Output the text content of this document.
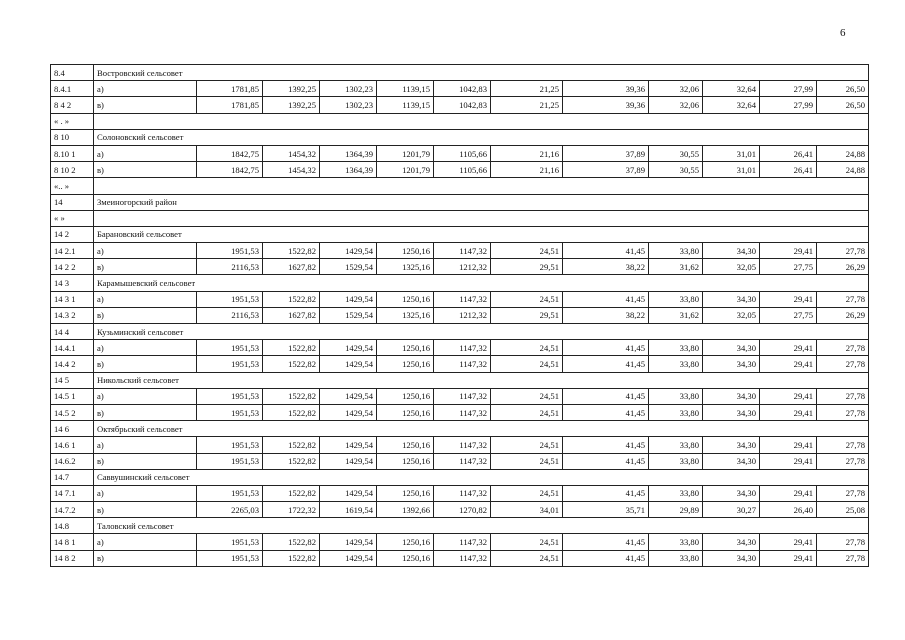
6
8.4	Востровский сельсовет											
8.4.1	а)	1781,85	1392,25	1302,23	1139,15	1042,83	21,25	39,36	32,06	32,64	27,99	26,50
8 4 2	в)	1781,85	1392,25	1302,23	1139,15	1042,83	21,25	39,36	32,06	32,64	27,99	26,50
« . »												
8 10	Солоновский сельсовет											
8.10 1	а)	1842,75	1454,32	1364,39	1201,79	1105,66	21,16	37,89	30,55	31,01	26,41	24,88
8 10 2	в)	1842,75	1454,32	1364,39	1201,79	1105,66	21,16	37,89	30,55	31,01	26,41	24,88
«.. »												
14	Змеиногорский район											
« »												
14 2	Барановский сельсовет											
14 2.1	а)	1951,53	1522,82	1429,54	1250,16	1147,32	24,51	41,45	33,80	34,30	29,41	27,78
14 2 2	в)	2116,53	1627,82	1529,54	1325,16	1212,32	29,51	38,22	31,62	32,05	27,75	26,29
14 3	Карамышевский сельсовет											
14 3 1	а)	1951,53	1522,82	1429,54	1250,16	1147,32	24,51	41,45	33,80	34,30	29,41	27,78
14.3 2	в)	2116,53	1627,82	1529,54	1325,16	1212,32	29,51	38,22	31,62	32,05	27,75	26,29
14 4	Кузьминский сельсовет											
14.4.1	а)	1951,53	1522,82	1429,54	1250,16	1147,32	24,51	41,45	33,80	34,30	29,41	27,78
14.4 2	в)	1951,53	1522,82	1429,54	1250,16	1147,32	24,51	41,45	33,80	34,30	29,41	27,78
14 5	Никольский сельсовет											
14.5 1	а)	1951,53	1522,82	1429,54	1250,16	1147,32	24,51	41,45	33,80	34,30	29,41	27,78
14.5 2	в)	1951,53	1522,82	1429,54	1250,16	1147,32	24,51	41,45	33,80	34,30	29,41	27,78
14 6	Октябрьский сельсовет											
14.6 1	а)	1951,53	1522,82	1429,54	1250,16	1147,32	24,51	41,45	33,80	34,30	29,41	27,78
14.6.2	в)	1951,53	1522,82	1429,54	1250,16	1147,32	24,51	41,45	33,80	34,30	29,41	27,78
14.7	Саввушинский сельсовет											
14 7.1	а)	1951,53	1522,82	1429,54	1250,16	1147,32	24,51	41,45	33,80	34,30	29,41	27,78
14.7.2	в)	2265,03	1722,32	1619,54	1392,66	1270,82	34,01	35,71	29,89	30,27	26,40	25,08
14.8	Таловский сельсовет											
14 8 1	а)	1951,53	1522,82	1429,54	1250,16	1147,32	24,51	41,45	33,80	34,30	29,41	27,78
14 8 2	в)	1951,53	1522,82	1429,54	1250,16	1147,32	24,51	41,45	33,80	34,30	29,41	27,78
